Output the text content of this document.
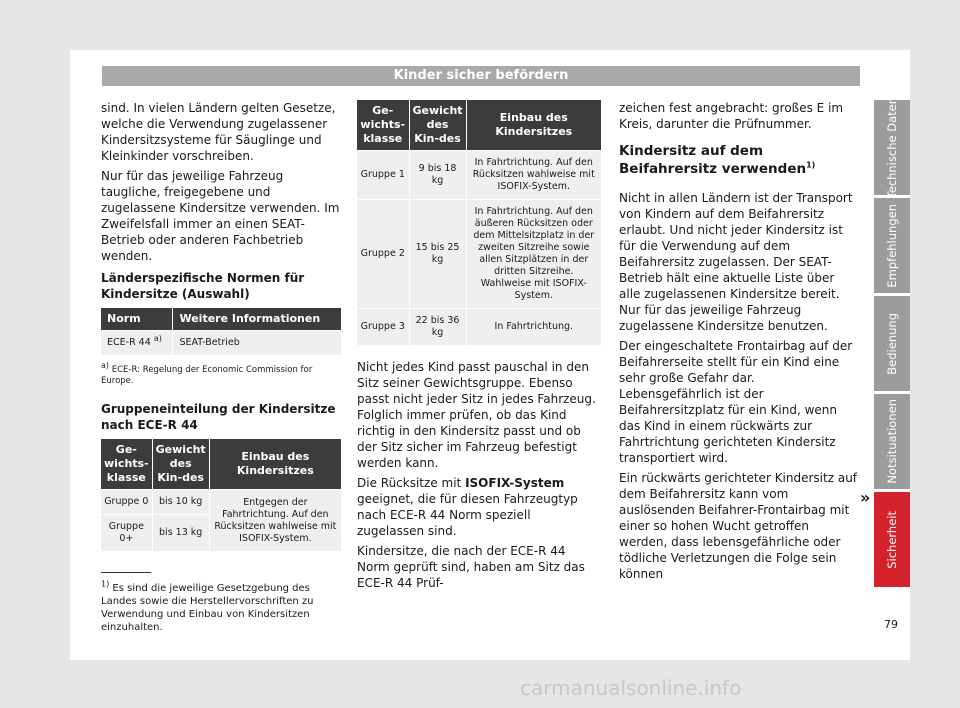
Kinder sicher befördern

sind. In vielen Ländern gelten Gesetze, welche die Verwendung zugelassener Kindersitzsysteme für Säuglinge und Kleinkinder vorschreiben.

Nur für das jeweilige Fahrzeug taugliche, freigegebene und zugelassene Kindersitze verwenden. Im Zweifelsfall immer an einen SEAT-Betrieb oder anderen Fachbetrieb wenden.

Länderspezifische Normen für Kindersitze (Auswahl)
Norm	Weitere Informationen
ECE-R 44 $^{a)}$	SEAT-Betrieb
$^{a)}$ ECE-R: Regelung der Economic Commission for Europe.
Gruppeneinteilung der Kindersitze nach ECE-R 44
Ge-wichts-klasse	Gewicht des Kin-des	Einbau des Kindersitzes
Gruppe 0	bis 10 kg	Entgegen der Fahrtrichtung. Auf den Rücksitzen wahlweise mit ISOFIX-System.
Gruppe 0+	bis 13 kg	
Ge-wichts-klasse	Gewicht des Kin-des	Einbau des Kindersitzes
Gruppe 1	9 bis 18 kg	In Fahrtrichtung. Auf den Rücksitzen wahlweise mit ISOFIX-System.
Gruppe 2	15 bis 25 kg	In Fahrtrichtung. Auf den äußeren Rücksitzen oder dem Mittelsitzplatz in der zweiten Sitzreihe sowie allen Sitzplätzen in der dritten Sitzreihe. Wahlweise mit ISOFIX-System.
Gruppe 3	22 bis 36 kg	In Fahrtrichtung.

Nicht jedes Kind passt pauschal in den Sitz seiner Gewichtsgruppe. Ebenso passt nicht jeder Sitz in jedes Fahrzeug. Folglich immer prüfen, ob das Kind richtig in den Kindersitz passt und ob der Sitz sicher im Fahrzeug befestigt werden kann.

Die Rücksitze mit ISOFIX-System geeignet, die für diesen Fahrzeugtyp nach ECE-R 44 Norm speziell zugelassen sind.

Kindersitze, die nach der ECE-R 44 Norm geprüft sind, haben am Sitz das ECE-R 44 Prüf-

zeichen fest angebracht: großes E im Kreis, darunter die Prüfnummer.

Kindersitz auf dem Beifahrersitz verwenden$^{1)}$

Nicht in allen Ländern ist der Transport von Kindern auf dem Beifahrersitz erlaubt. Und nicht jeder Kindersitz ist für die Verwendung auf dem Beifahrersitz zugelassen. Der SEAT-Betrieb hält eine aktuelle Liste über alle zugelassenen Kindersitze bereit. Nur für das jeweilige Fahrzeug zugelassene Kindersitze benutzen.

Der eingeschaltete Frontairbag auf der Beifahrerseite stellt für ein Kind eine sehr große Gefahr dar. Lebensgefährlich ist der Beifahrersitzplatz für ein Kind, wenn das Kind in einem rückwärts zur Fahrtrichtung gerichteten Kindersitz transportiert wird.

Ein rückwärts gerichteter Kindersitz auf dem Beifahrersitz kann vom auslösenden Beifahrer-Frontairbag mit einer so hohen Wucht getroffen werden, dass lebensgefährliche oder tödliche Verletzungen die Folge sein können

»
$^{1)}$ Es sind die jeweilige Gesetzgebung des Landes sowie die Herstellervorschriften zu Verwendung und Einbau von Kindersitzen einzuhalten.
Technische Daten
Empfehlungen
Bedienung
Notsituationen
Sicherheit
79
carmanualsonline.info
